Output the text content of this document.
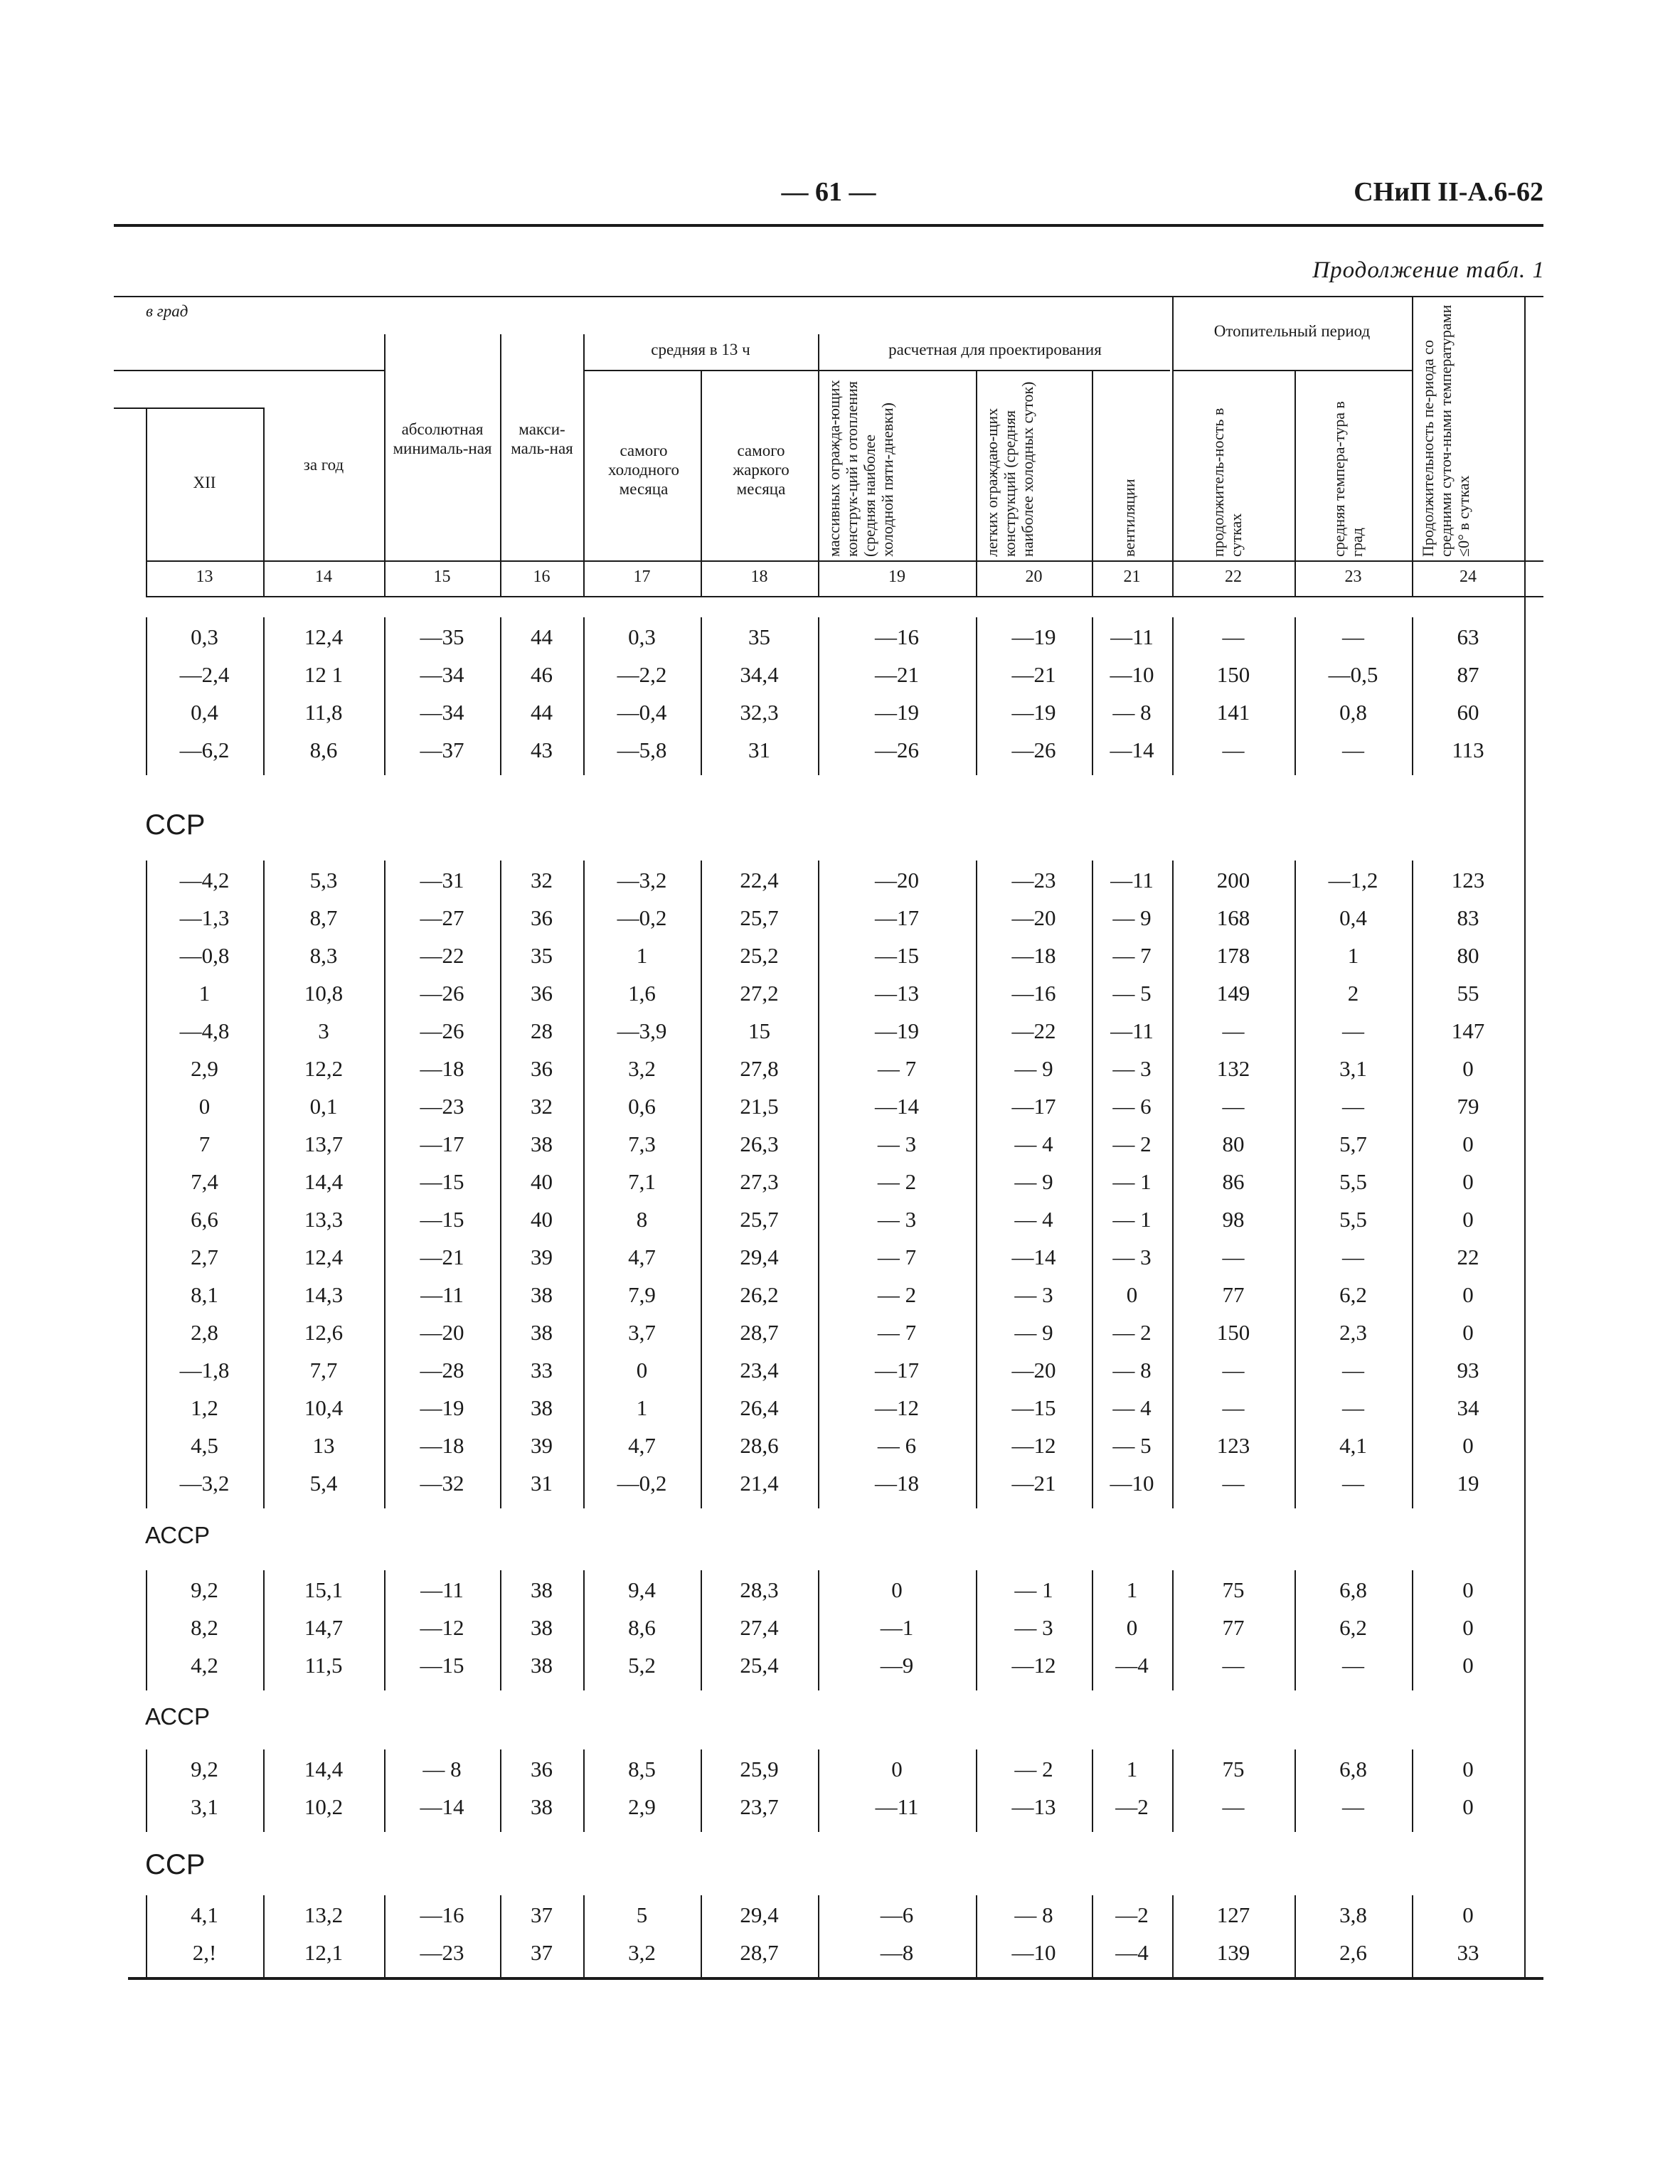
— 61 —	СНиП II-А.6-62
Продолжение табл. 1
в град
средняя в 13 ч	расчетная для проектирования
Отопительный период
XII
за год
абсолютная минималь-ная
макси-маль-ная	самого холодного месяца
самого жаркого месяца	массивных огражда-ющих конструк-ций и отопления (средняя наиболее холодной пяти-дневки)	легких ограждаю-щих конструкций (средняя наиболее холодных суток)	вентиляции	продолжитель-ность в сутках	средняя темпера-тура в град	Продолжительность пе-риода со средними суточ-ными температурами ≤0° в сутках
13	14	15	16	17	18	19	20	21	22	23	24
0,3	12,4	—35	44	0,3	35	—16	—19	—11	—	—	63
—2,4	12 1	—34	46	—2,2	34,4	—21	—21	—10	150	—0,5	87
0,4	11,8	—34	44	—0,4	32,3	—19	—19	— 8	141	0,8	60
—6,2	8,6	—37	43	—5,8	31	—26	—26	—14	—	—	113
ССР
—4,2	5,3	—31	32	—3,2	22,4	—20	—23	—11	200	—1,2	123
—1,3	8,7	—27	36	—0,2	25,7	—17	—20	— 9	168	0,4	83
—0,8	8,3	—22	35	1	25,2	—15	—18	— 7	178	1	80
1	10,8	—26	36	1,6	27,2	—13	—16	— 5	149	2	55
—4,8	3	—26	28	—3,9	15	—19	—22	—11	—	—	147
2,9	12,2	—18	36	3,2	27,8	— 7	— 9	— 3	132	3,1	0
0	0,1	—23	32	0,6	21,5	—14	—17	— 6	—	—	79
7	13,7	—17	38	7,3	26,3	— 3	— 4	— 2	80	5,7	0
7,4	14,4	—15	40	7,1	27,3	— 2	— 9	— 1	86	5,5	0
6,6	13,3	—15	40	8	25,7	— 3	— 4	— 1	98	5,5	0
2,7	12,4	—21	39	4,7	29,4	— 7	—14	— 3	—	—	22
8,1	14,3	—11	38	7,9	26,2	— 2	— 3	0	77	6,2	0
2,8	12,6	—20	38	3,7	28,7	— 7	— 9	— 2	150	2,3	0
—1,8	7,7	—28	33	0	23,4	—17	—20	— 8	—	—	93
1,2	10,4	—19	38	1	26,4	—12	—15	— 4	—	—	34
4,5	13	—18	39	4,7	28,6	— 6	—12	— 5	123	4,1	0
—3,2	5,4	—32	31	—0,2	21,4	—18	—21	—10	—	—	19
АССР
9,2	15,1	—11	38	9,4	28,3	0	— 1	1	75	6,8	0
8,2	14,7	—12	38	8,6	27,4	—1	— 3	0	77	6,2	0
4,2	11,5	—15	38	5,2	25,4	—9	—12	—4	—	—	0
АССР
9,2	14,4	— 8	36	8,5	25,9	0	— 2	1	75	6,8	0
3,1	10,2	—14	38	2,9	23,7	—11	—13	—2	—	—	0
ССР
4,1	13,2	—16	37	5	29,4	—6	— 8	—2	127	3,8	0
2,!	12,1	—23	37	3,2	28,7	—8	—10	—4	139	2,6	33
